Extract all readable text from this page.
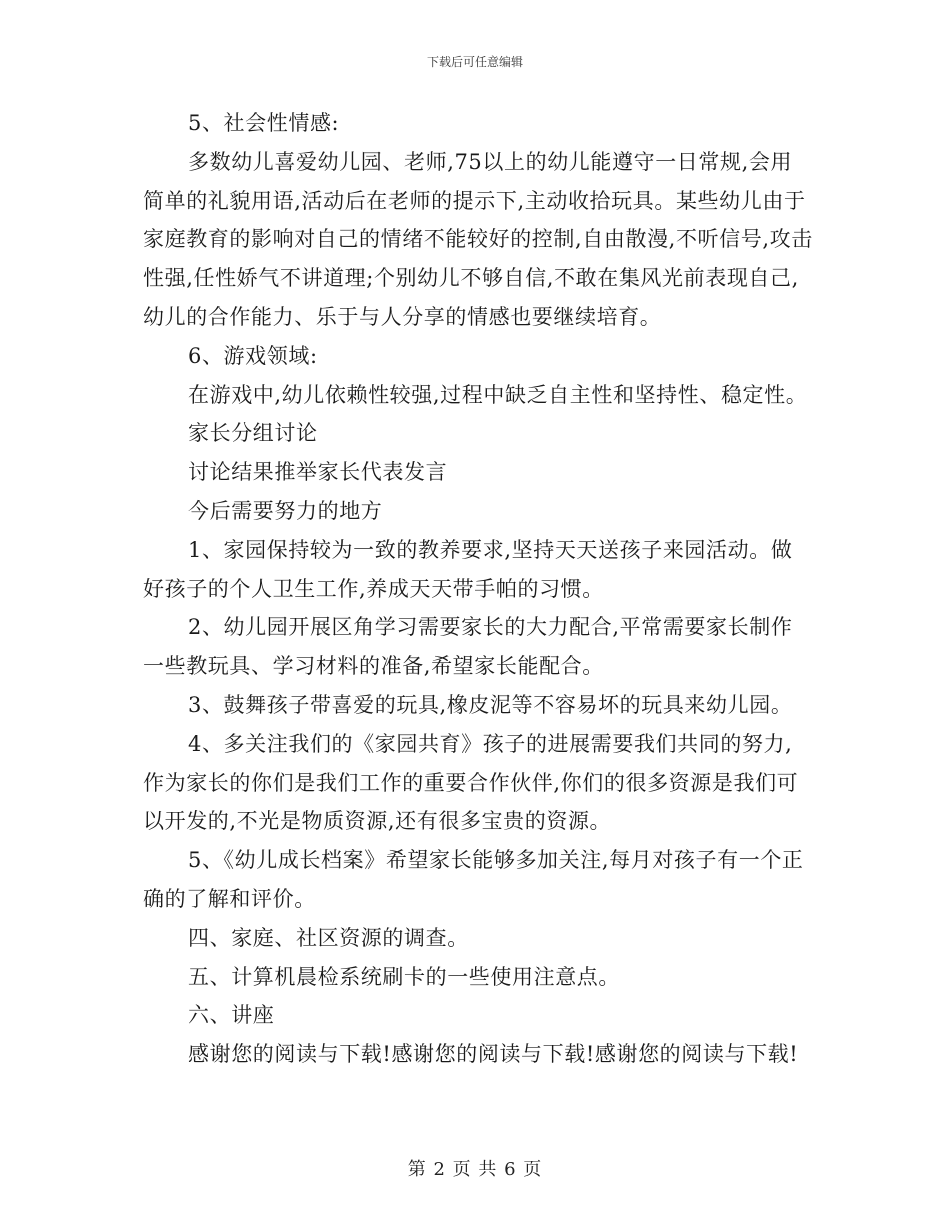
下载后可任意编辑

5、社会性情感:

多数幼儿喜爱幼儿园、老师,75以上的幼儿能遵守一日常规,会用简单的礼貌用语,活动后在老师的提示下,主动收拾玩具。某些幼儿由于家庭教育的影响对自己的情绪不能较好的控制,自由散漫,不听信号,攻击性强,任性娇气不讲道理;个别幼儿不够自信,不敢在集风光前表现自己,幼儿的合作能力、乐于与人分享的情感也要继续培育。

6、游戏领域:

在游戏中,幼儿依赖性较强,过程中缺乏自主性和坚持性、稳定性。

家长分组讨论

讨论结果推举家长代表发言

今后需要努力的地方

1、家园保持较为一致的教养要求,坚持天天送孩子来园活动。做好孩子的个人卫生工作,养成天天带手帕的习惯。

2、幼儿园开展区角学习需要家长的大力配合,平常需要家长制作一些教玩具、学习材料的准备,希望家长能配合。

3、鼓舞孩子带喜爱的玩具,橡皮泥等不容易坏的玩具来幼儿园。

4、多关注我们的《家园共育》孩子的进展需要我们共同的努力,作为家长的你们是我们工作的重要合作伙伴,你们的很多资源是我们可以开发的,不光是物质资源,还有很多宝贵的资源。

5、《幼儿成长档案》希望家长能够多加关注,每月对孩子有一个正确的了解和评价。

四、家庭、社区资源的调查。

五、计算机晨检系统刷卡的一些使用注意点。

六、讲座

感谢您的阅读与下载!感谢您的阅读与下载!感谢您的阅读与下载!

第 2 页 共 6 页
